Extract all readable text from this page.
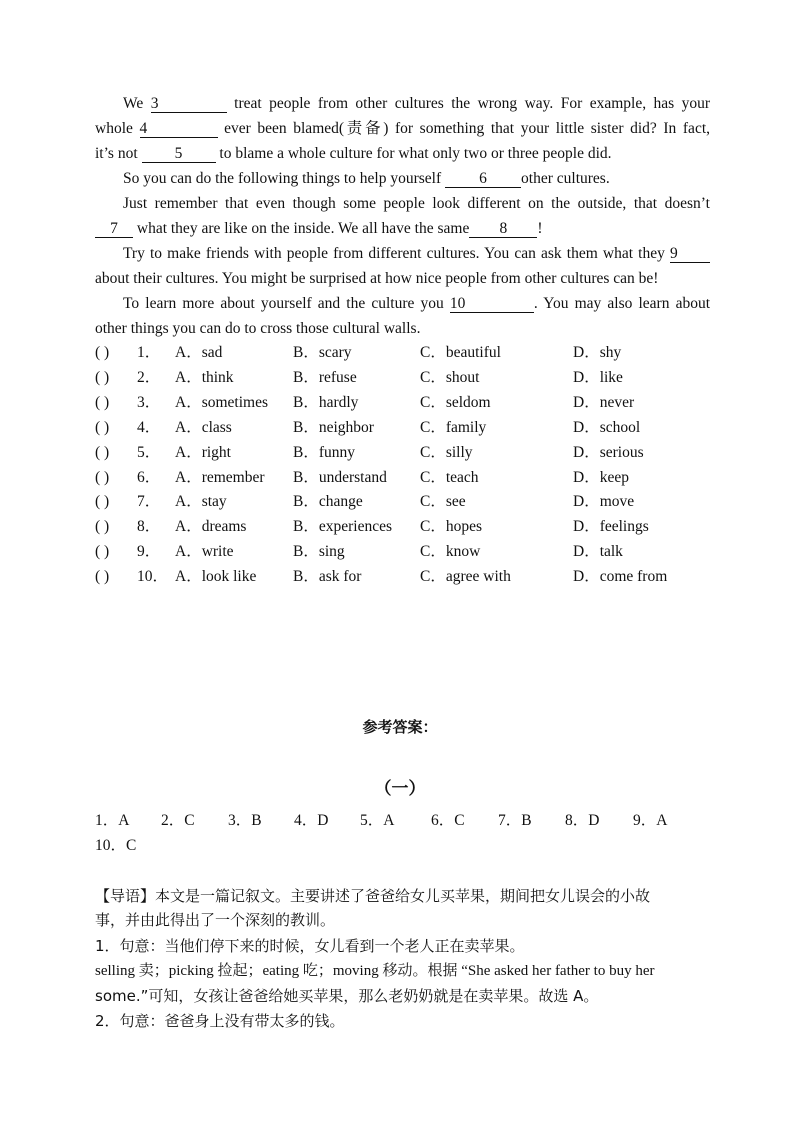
We 3	treat people from other cultures the wrong way. For example, has your
whole 4	ever been blamed(责备) for something that your little sister did? In fact,
it’s not 5 to blame a whole culture for what only two or three people did.
So you can do the following things to help yourself 6 other cultures.
Just remember that even though some people look different on the outside, that doesn’t
7 what they are like on the inside. We all have the same 8 !
Try to make friends with people from different cultures. You can ask them what they 9
about their cultures. You might be surprised at how nice people from other cultures can be!
To learn more about yourself and the culture you 10	. You may also learn about
other things you can do to cross those cultural walls.
( ) 1． A．sad	B．scary	C．beautiful	D．shy
( ) 2． A．think	B．refuse	C．shout	D．like
( ) 3． A．sometimes B．hardly	C．seldom	D．never
( ) 4． A．class	B．neighbor	C．family	D．school
( ) 5． A．right	B．funny	C．silly	D．serious
( ) 6． A．remember B．understand C．teach	D．keep
( ) 7． A．stay	B．change	C．see	D．move
( ) 8． A．dreams	B．experiences C．hopes	D．feelings
( ) 9． A．write	B．sing	C．know	D．talk
( ) 10． A．look like B．ask for	C．agree with	D．come from
参考答案：
（一）
1．A 2．C 3．B 4．D 5．A 6．C 7．B 8．D 9．A
10．C
【导语】本文是一篇记叙文。主要讲述了爸爸给女儿买苹果，期间把女儿误会的小故
事，并由此得出了一个深刻的教训。
1．句意：当他们停下来的时候，女儿看到一个老人正在卖苹果。
selling 卖；picking 捡起；eating 吃；moving 移动。根据 “She asked her father to buy her
some.”可知，女孩让爸爸给她买苹果，那么老奶奶就是在卖苹果。故选 A。
2．句意：爸爸身上没有带太多的钱。
